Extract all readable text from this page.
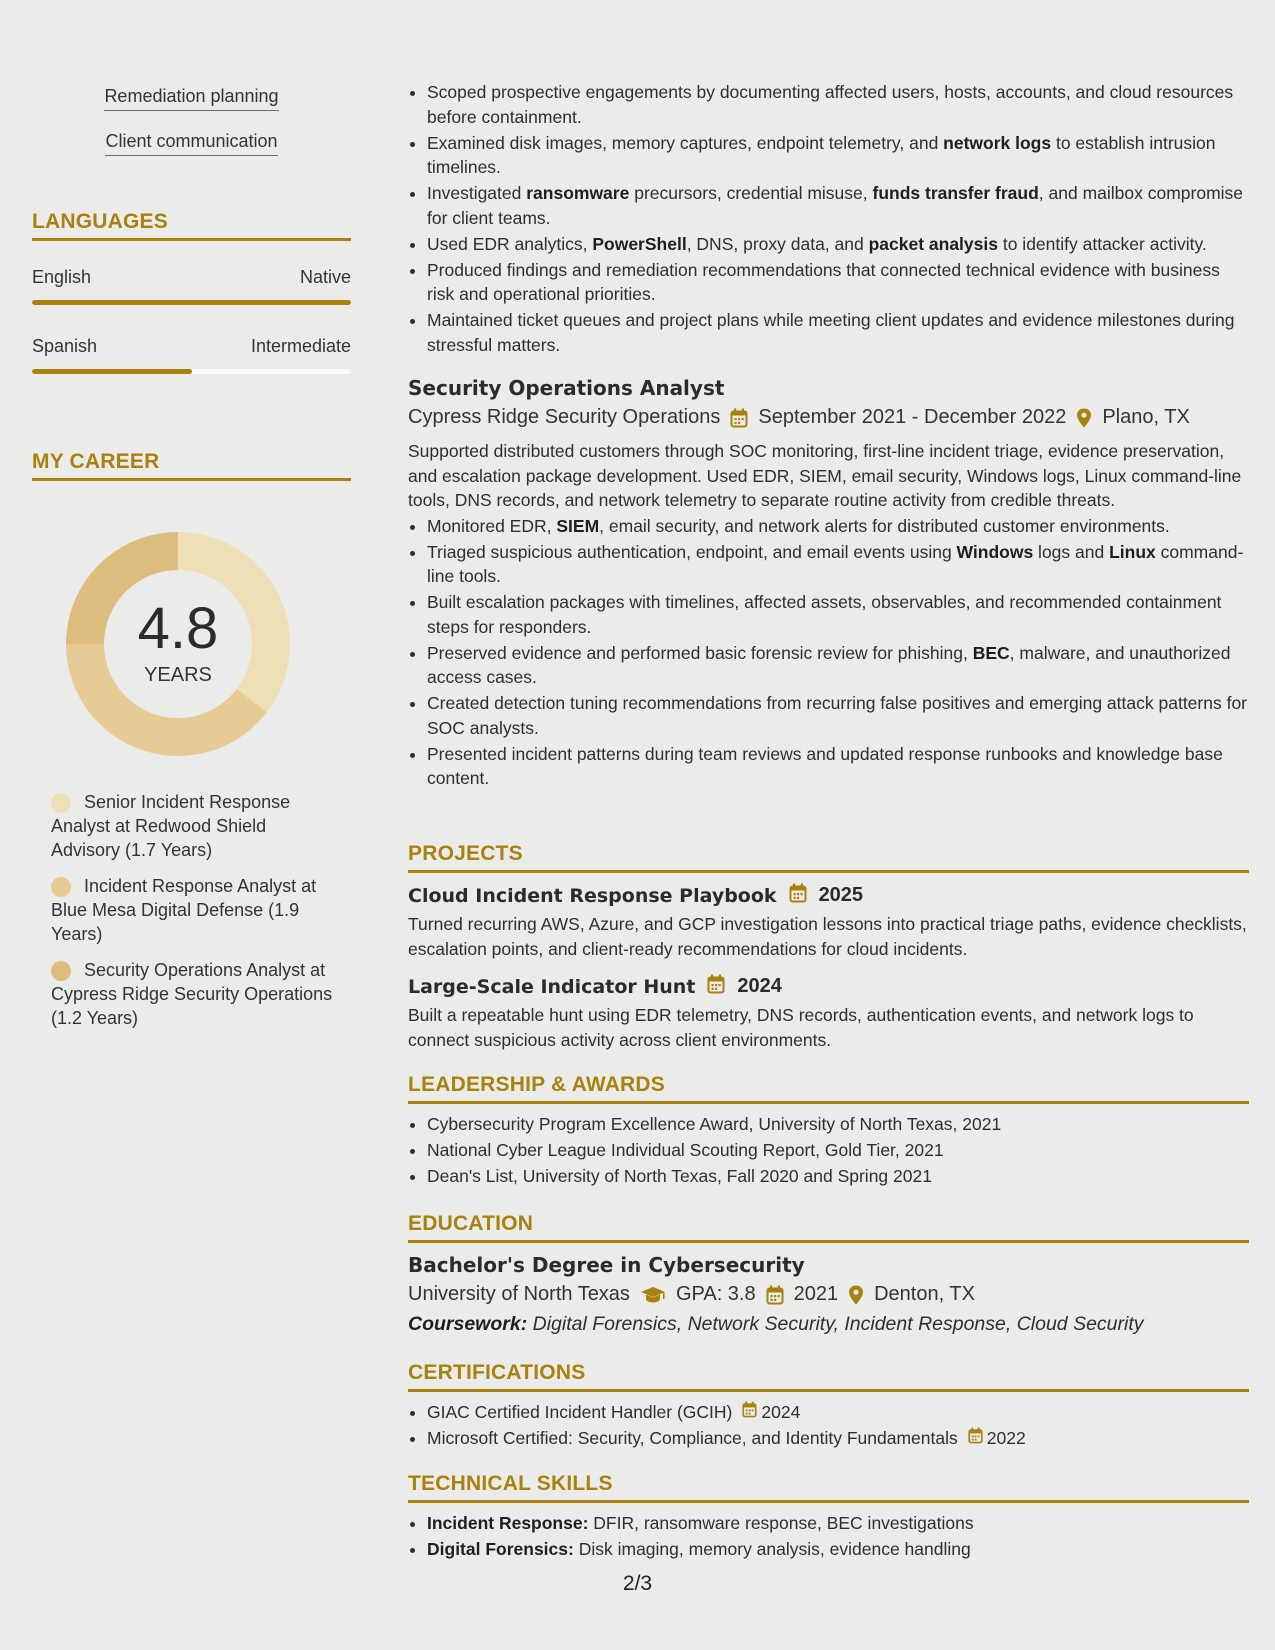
Remediation planning
Client communication
LANGUAGES
English	Native
Spanish	Intermediate
MY CAREER
4.8
YEARS
Senior Incident Response Analyst at Redwood Shield Advisory (1.7 Years)
Incident Response Analyst at Blue Mesa Digital Defense (1.9 Years)
Security Operations Analyst at Cypress Ridge Security Operations (1.2 Years)
• Scoped prospective engagements by documenting affected users, hosts, accounts, and cloud resources before containment.
• Examined disk images, memory captures, endpoint telemetry, and network logs to establish intrusion timelines.
• Investigated ransomware precursors, credential misuse, funds transfer fraud, and mailbox compromise for client teams.
• Used EDR analytics, PowerShell, DNS, proxy data, and packet analysis to identify attacker activity.
• Produced findings and remediation recommendations that connected technical evidence with business risk and operational priorities.
• Maintained ticket queues and project plans while meeting client updates and evidence milestones during stressful matters.
Security Operations Analyst
Cypress Ridge Security Operations September 2021 - December 2022 Plano, TX

Supported distributed customers through SOC monitoring, first-line incident triage, evidence preservation, and escalation package development. Used EDR, SIEM, email security, Windows logs, Linux command-line tools, DNS records, and network telemetry to separate routine activity from credible threats.

• Monitored EDR, SIEM, email security, and network alerts for distributed customer environments.
• Triaged suspicious authentication, endpoint, and email events using Windows logs and Linux command-line tools.
• Built escalation packages with timelines, affected assets, observables, and recommended containment steps for responders.
• Preserved evidence and performed basic forensic review for phishing, BEC, malware, and unauthorized access cases.
• Created detection tuning recommendations from recurring false positives and emerging attack patterns for SOC analysts.
• Presented incident patterns during team reviews and updated response runbooks and knowledge base content.
PROJECTS
Cloud Incident Response Playbook 2025

Turned recurring AWS, Azure, and GCP investigation lessons into practical triage paths, evidence checklists, escalation points, and client-ready recommendations for cloud incidents.

Large-Scale Indicator Hunt 2024

Built a repeatable hunt using EDR telemetry, DNS records, authentication events, and network logs to connect suspicious activity across client environments.

LEADERSHIP & AWARDS
• Cybersecurity Program Excellence Award, University of North Texas, 2021
• National Cyber League Individual Scouting Report, Gold Tier, 2021
• Dean's List, University of North Texas, Fall 2020 and Spring 2021
EDUCATION
Bachelor's Degree in Cybersecurity
University of North Texas GPA: 3.8 2021 Denton, TX
Coursework: Digital Forensics, Network Security, Incident Response, Cloud Security
CERTIFICATIONS
• GIAC Certified Incident Handler (GCIH) 2024
• Microsoft Certified: Security, Compliance, and Identity Fundamentals 2022
TECHNICAL SKILLS
• Incident Response: DFIR, ransomware response, BEC investigations
• Digital Forensics: Disk imaging, memory analysis, evidence handling
2/3
